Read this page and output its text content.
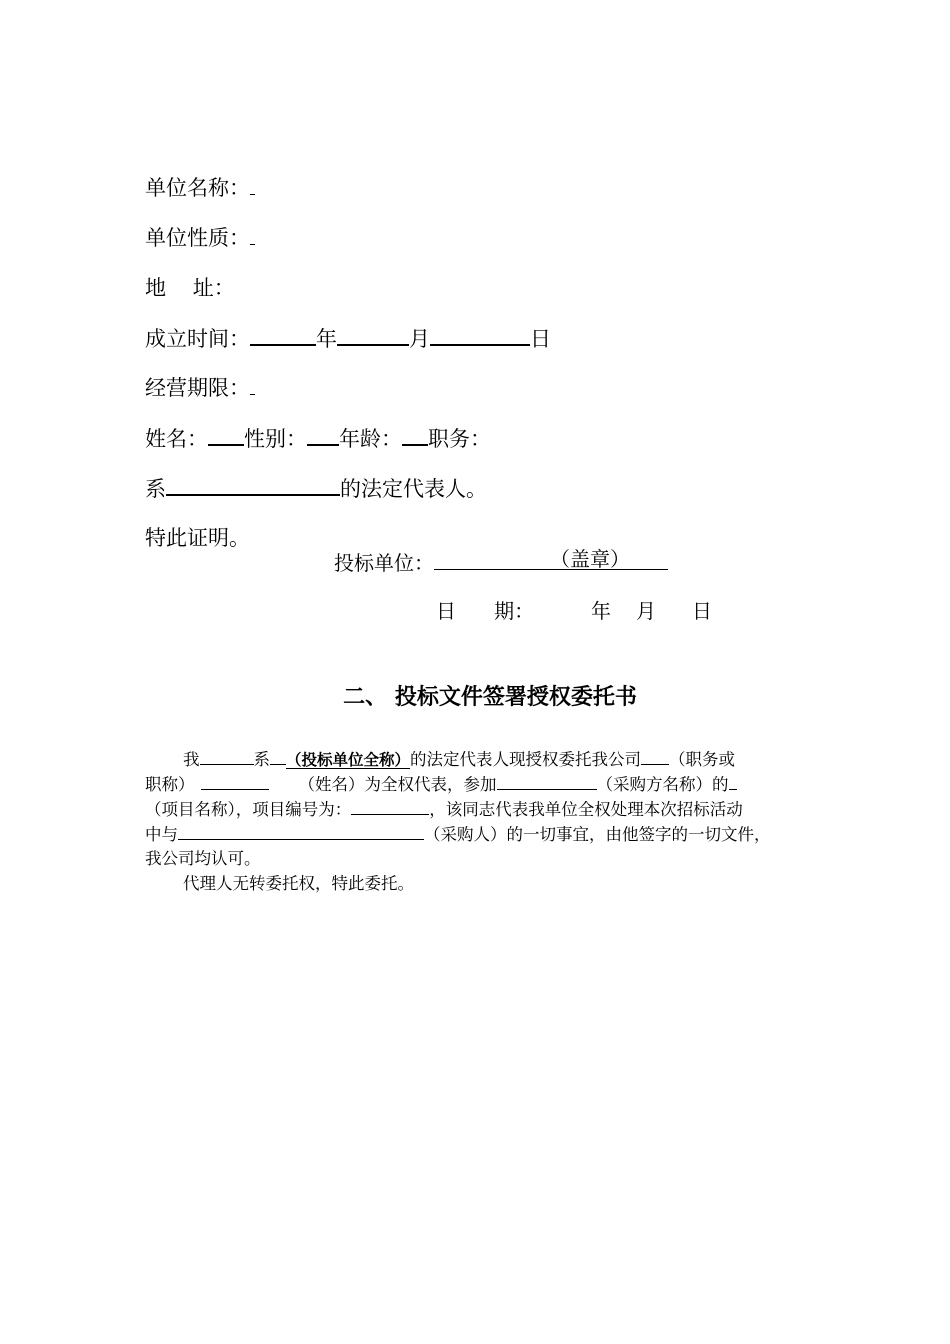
单位名称：
单位性质：
地    址：
成立时间：	年	月	日
经营期限：
姓名： 性别： 年龄： 职务：
系	的法定代表人。
特此证明。
投标单位：	（盖章）
日      期：	年 月 日
二、 投标文件签署授权委托书
我	系 （投标单位全称）的法定代表人现授权委托我公司 （职务或
职称）	（姓名）为全权代表，参加	（采购方名称）的
（项目名称），项目编号为：	，该同志代表我单位全权处理本次招标活动
中与	（采购人）的一切事宜，由他签字的一切文件，
我公司均认可。
代理人无转委托权，特此委托。
